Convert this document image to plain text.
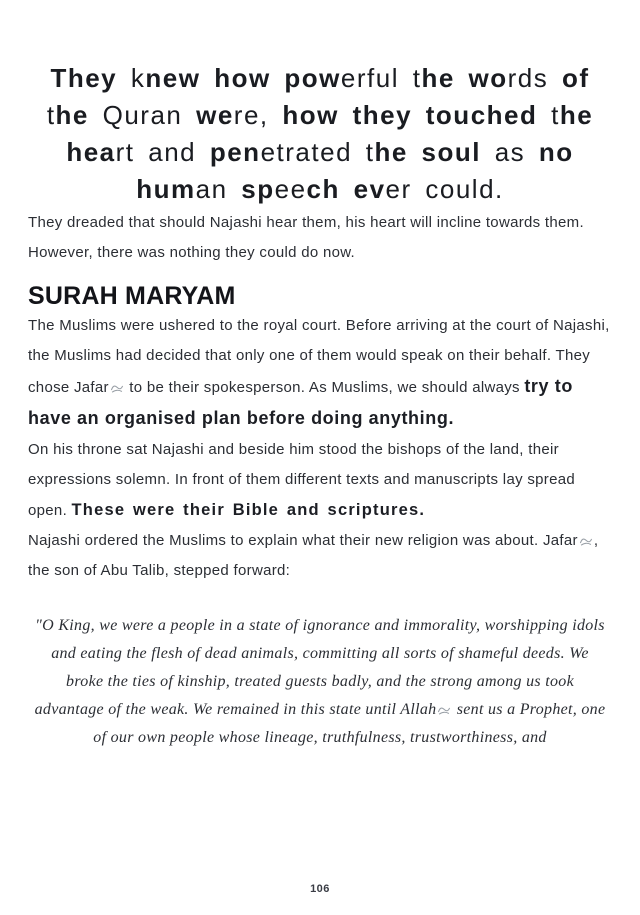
They knew how powerful the words of the Quran were, how they touched the heart and penetrated the soul as no human speech ever could.

They dreaded that should Najashi hear them, his heart will incline towards them. However, there was nothing they could do now.

SURAH MARYAM

The Muslims were ushered to the royal court. Before arriving at the court of Najashi, the Muslims had decided that only one of them would speak on their behalf. They chose Jafar to be their spokesperson. As Muslims, we should always try to have an organised plan before doing anything.

On his throne sat Najashi and beside him stood the bishops of the land, their expressions solemn. In front of them different texts and manuscripts lay spread open. These were their Bible and scriptures.

Najashi ordered the Muslims to explain what their new religion was about. Jafar , the son of Abu Talib, stepped forward:

"O King, we were a people in a state of ignorance and immorality, worshipping idols and eating the flesh of dead animals, committing all sorts of shameful deeds. We broke the ties of kinship, treated guests badly, and the strong among us took advantage of the weak. We remained in this state until Allah sent us a Prophet, one of our own people whose lineage, truthfulness, trustworthiness, and
106
